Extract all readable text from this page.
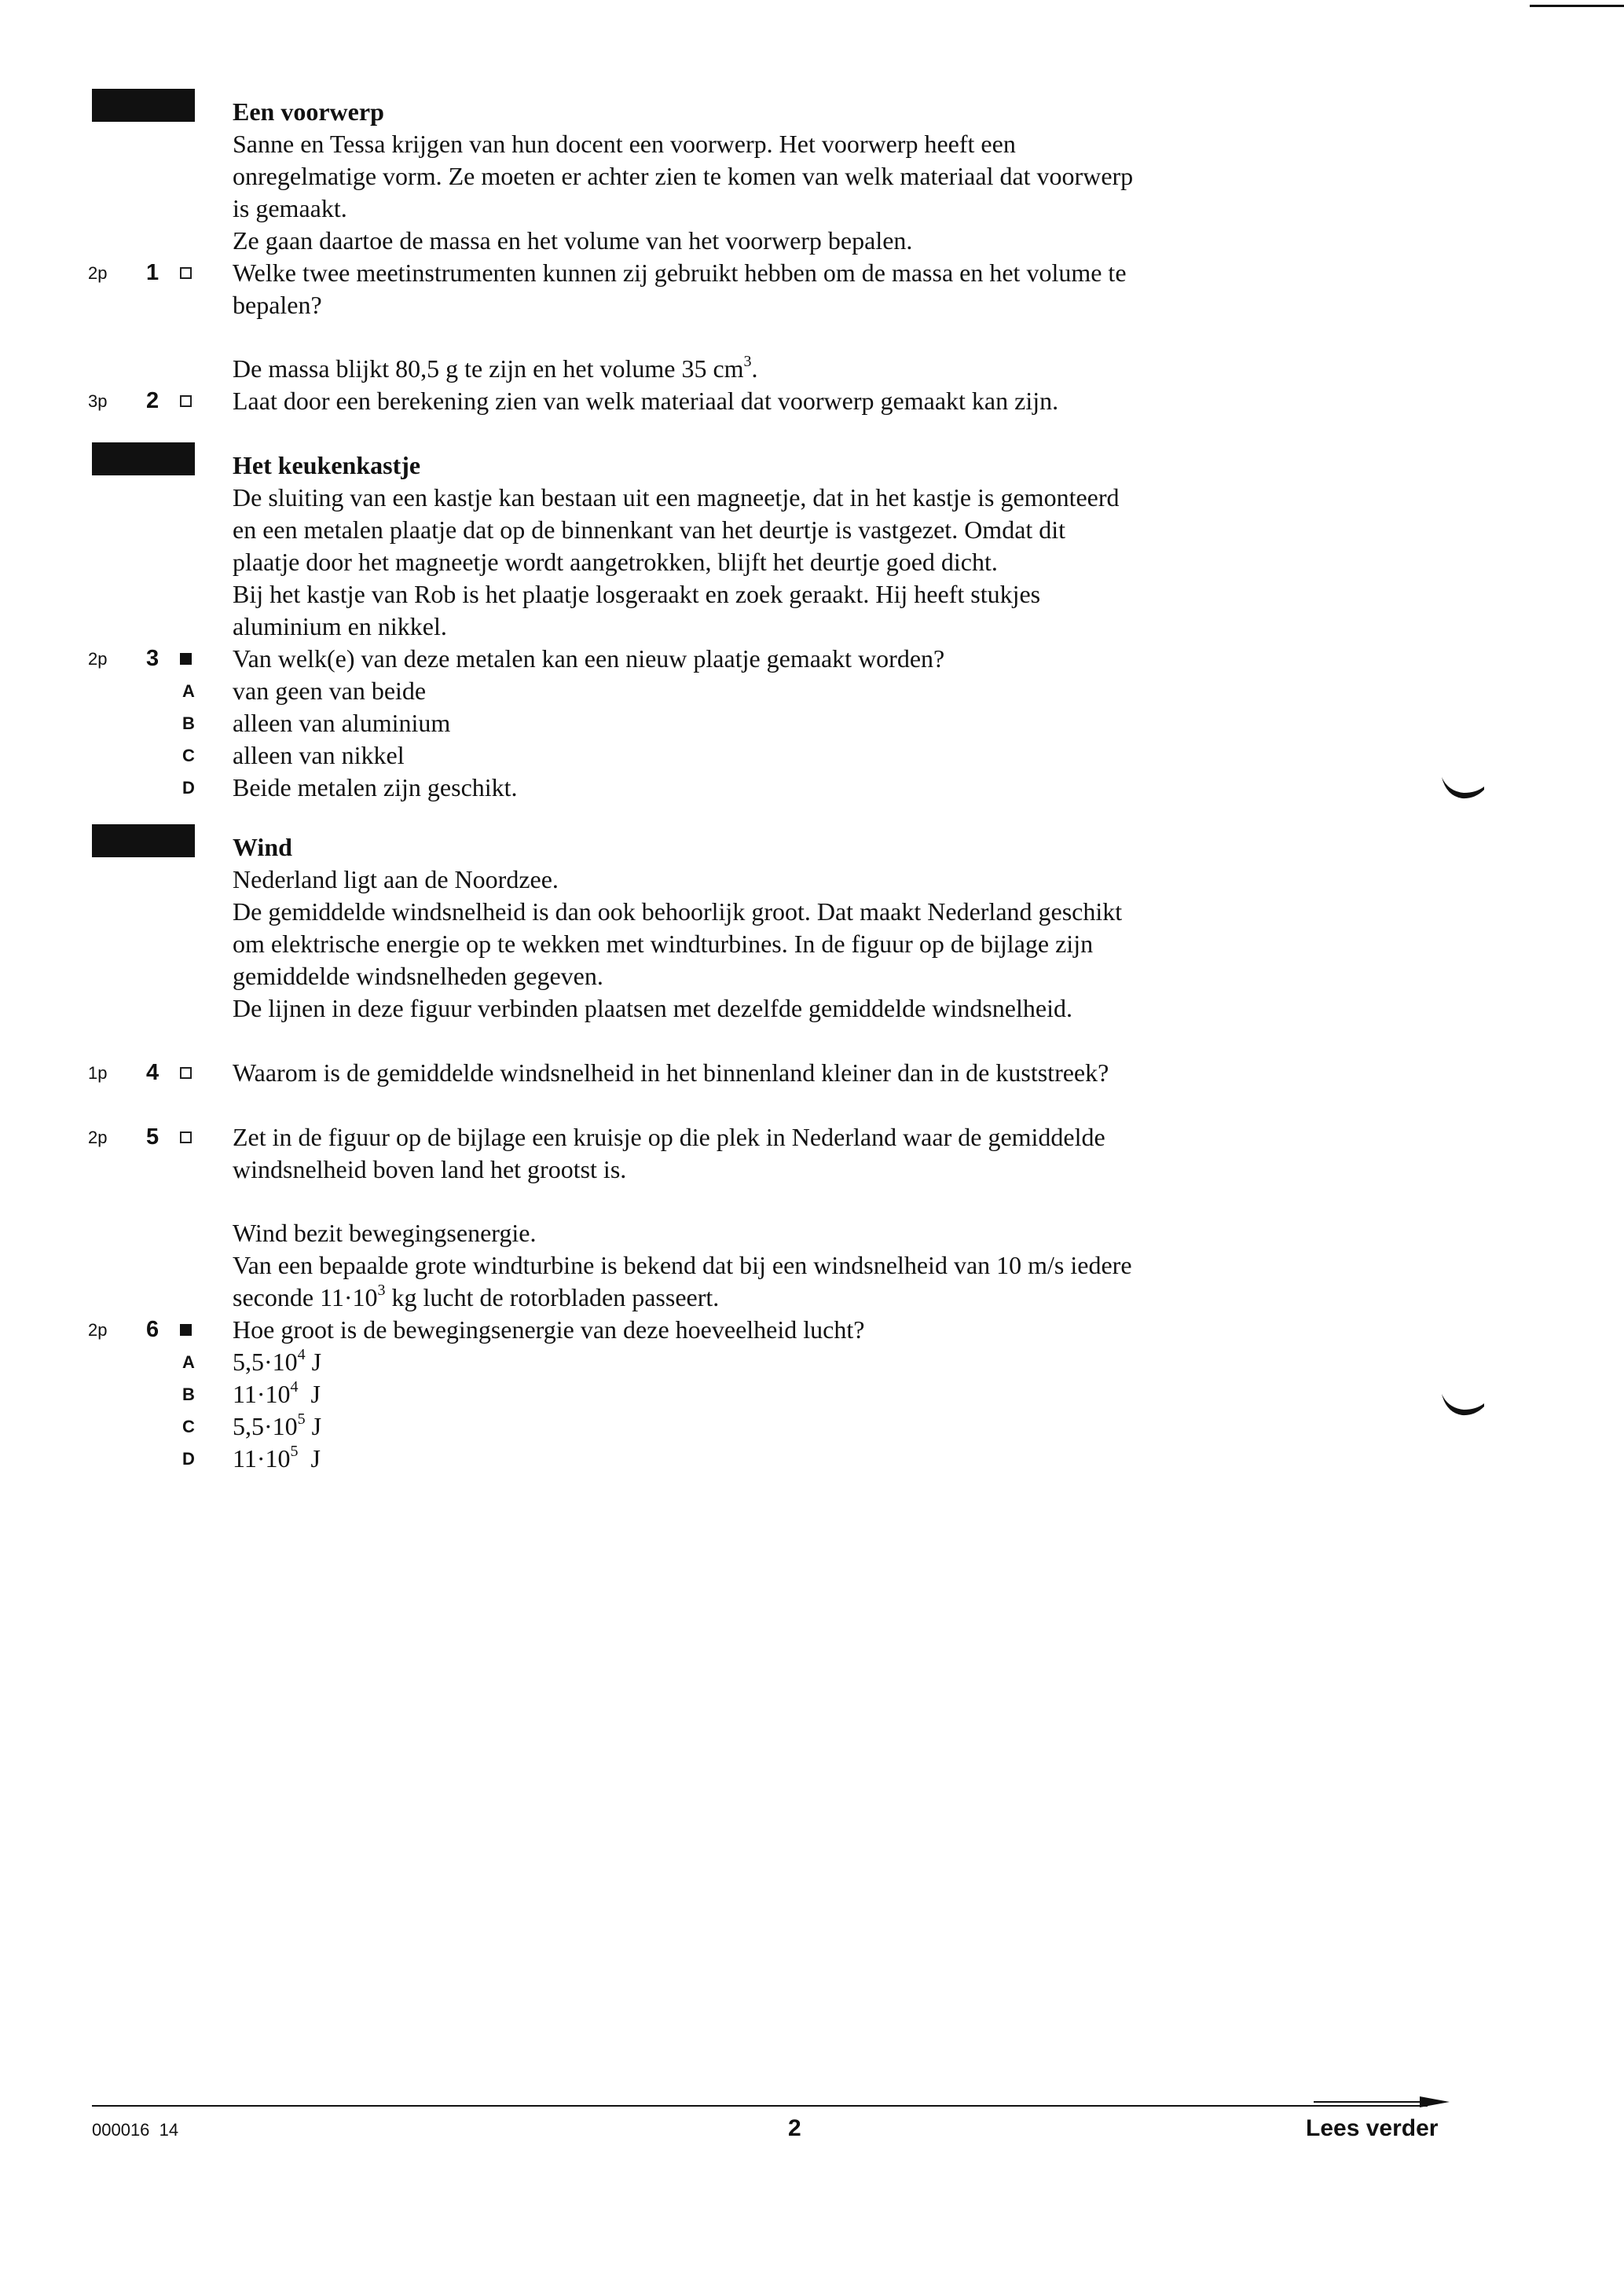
Een voorwerp
Sanne en Tessa krijgen van hun docent een voorwerp. Het voorwerp heeft een
onregelmatige vorm. Ze moeten er achter zien te komen van welk materiaal dat voorwerp
is gemaakt.
Ze gaan daartoe de massa en het volume van het voorwerp bepalen.
2p 1	Welke twee meetinstrumenten kunnen zij gebruikt hebben om de massa en het volume te
bepalen?
De massa blijkt 80,5 g te zijn en het volume 35 $cm^3$.
3p 2	Laat door een berekening zien van welk materiaal dat voorwerp gemaakt kan zijn.
Het keukenkastje
De sluiting van een kastje kan bestaan uit een magneetje, dat in het kastje is gemonteerd
en een metalen plaatje dat op de binnenkant van het deurtje is vastgezet. Omdat dit
plaatje door het magneetje wordt aangetrokken, blijft het deurtje goed dicht.
Bij het kastje van Rob is het plaatje losgeraakt en zoek geraakt. Hij heeft stukjes
aluminium en nikkel.
2p 3	Van welk(e) van deze metalen kan een nieuw plaatje gemaakt worden?
A van geen van beide
B alleen van aluminium
C alleen van nikkel
D Beide metalen zijn geschikt.
Wind
Nederland ligt aan de Noordzee.
De gemiddelde windsnelheid is dan ook behoorlijk groot. Dat maakt Nederland geschikt
om elektrische energie op te wekken met windturbines. In de figuur op de bijlage zijn
gemiddelde windsnelheden gegeven.
De lijnen in deze figuur verbinden plaatsen met dezelfde gemiddelde windsnelheid.
1p 4	Waarom is de gemiddelde windsnelheid in het binnenland kleiner dan in de kuststreek?
2p 5	Zet in de figuur op de bijlage een kruisje op die plek in Nederland waar de gemiddelde
windsnelheid boven land het grootst is.
Wind bezit bewegingsenergie.
Van een bepaalde grote windturbine is bekend dat bij een windsnelheid van 10 m/s iedere
seconde $11\cdot 10^3$ kg lucht de rotorbladen passeert.
2p 6	Hoe groot is de bewegingsenergie van deze hoeveelheid lucht?
A $5,5\cdot 10^4$ J
B $11\cdot 10^4$  J
C $5,5\cdot 10^5$ J
D $11\cdot 10^5$  J
000016  14	2	Lees verder
